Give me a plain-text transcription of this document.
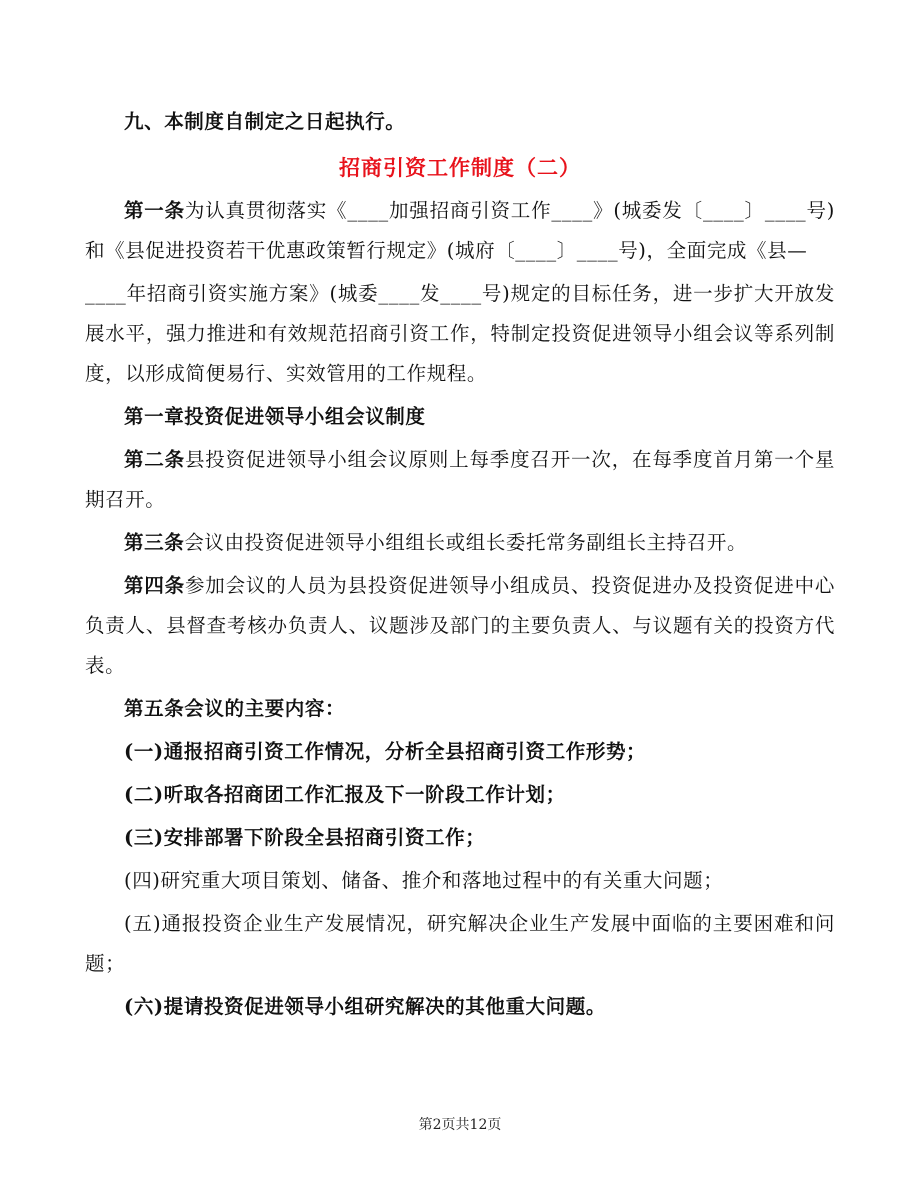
九、本制度自制定之日起执行。

招商引资工作制度（二）

第一条为认真贯彻落实《____加强招商引资工作____》(城委发〔____〕____号)和《县促进投资若干优惠政策暂行规定》(城府〔____〕____号)，全面完成《县—

____年招商引资实施方案》(城委____发____号)规定的目标任务，进一步扩大开放发展水平，强力推进和有效规范招商引资工作，特制定投资促进领导小组会议等系列制度，以形成简便易行、实效管用的工作规程。

第一章投资促进领导小组会议制度

第二条县投资促进领导小组会议原则上每季度召开一次，在每季度首月第一个星期召开。

第三条会议由投资促进领导小组组长或组长委托常务副组长主持召开。

第四条参加会议的人员为县投资促进领导小组成员、投资促进办及投资促进中心负责人、县督查考核办负责人、议题涉及部门的主要负责人、与议题有关的投资方代表。

第五条会议的主要内容：

(一)通报招商引资工作情况，分析全县招商引资工作形势；

(二)听取各招商团工作汇报及下一阶段工作计划；

(三)安排部署下阶段全县招商引资工作；

(四)研究重大项目策划、储备、推介和落地过程中的有关重大问题；

(五)通报投资企业生产发展情况，研究解决企业生产发展中面临的主要困难和问题；

(六)提请投资促进领导小组研究解决的其他重大问题。

第2页共12页
